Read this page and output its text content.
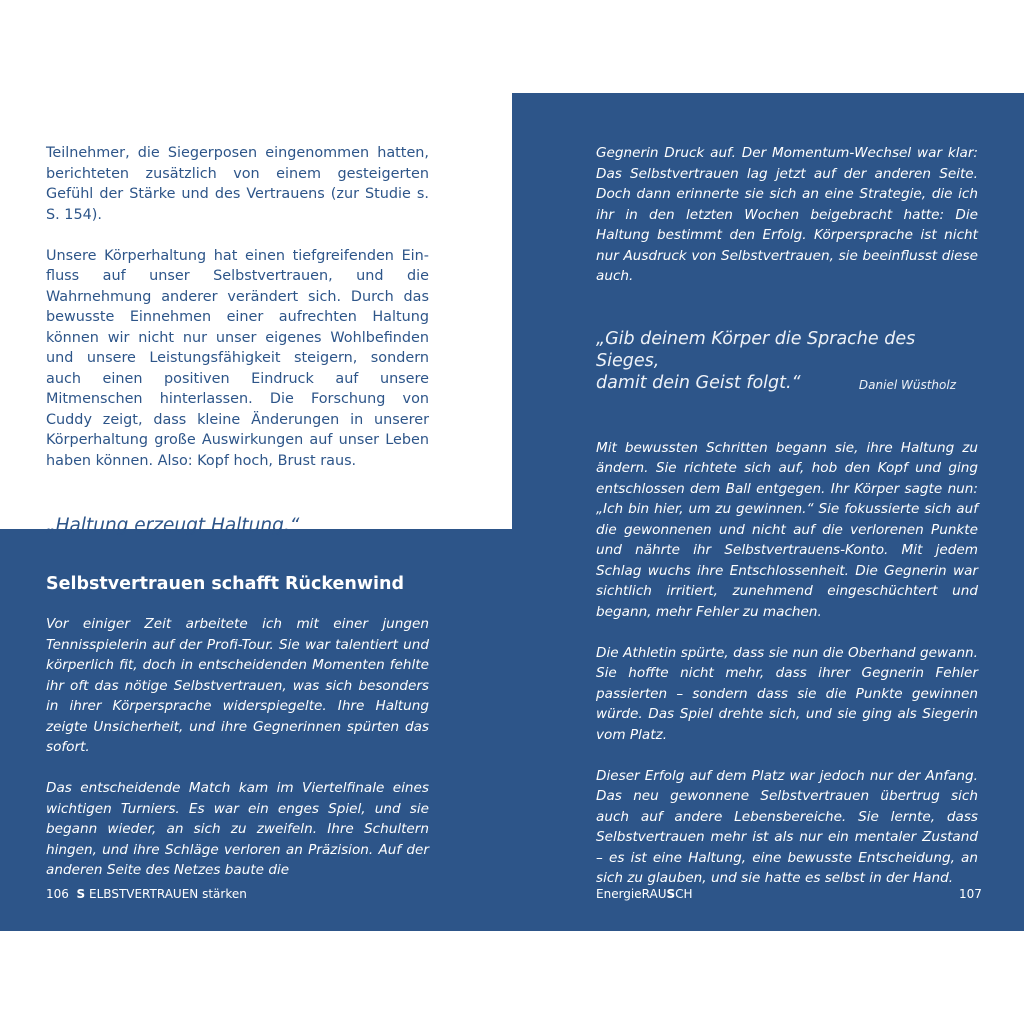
Teilnehmer, die Siegerposen eingenommen hatten, berichteten zusätzlich von einem gesteigerten Gefühl der Stärke und des Vertrauens (zur Studie s. S. 154).

Unsere Körperhaltung hat einen tiefgreifenden Einfluss auf unser Selbstvertrauen, und die Wahrnehmung anderer verändert sich. Durch das bewusste Einnehmen einer aufrechten Haltung können wir nicht nur unser eigenes Wohlbefinden und unsere Leistungsfähigkeit steigern, sondern auch einen positiven Eindruck auf unsere Mitmenschen hinterlassen. Die Forschung von Cuddy zeigt, dass kleine Änderungen in unserer Körperhaltung große Auswirkungen auf unser Leben haben können. Also: Kopf hoch, Brust raus.

„Haltung erzeugt Haltung.“
Selbstvertrauen schafft Rückenwind

Vor einiger Zeit arbeitete ich mit einer jungen Tennisspielerin auf der Profi-Tour. Sie war talentiert und körperlich fit, doch in entscheidenden Momenten fehlte ihr oft das nötige Selbstvertrauen, was sich besonders in ihrer Körpersprache widerspiegelte. Ihre Haltung zeigte Unsicherheit, und ihre Gegnerinnen spürten das sofort.

Das entscheidende Match kam im Viertelfinale eines wichtigen Turniers. Es war ein enges Spiel, und sie begann wieder, an sich zu zweifeln. Ihre Schultern hingen, und ihre Schläge verloren an Präzision. Auf der anderen Seite des Netzes baute die

Gegnerin Druck auf. Der Momentum-Wechsel war klar: Das Selbstvertrauen lag jetzt auf der anderen Seite. Doch dann erinnerte sie sich an eine Strategie, die ich ihr in den letzten Wochen beigebracht hatte: Die Haltung bestimmt den Erfolg. Körpersprache ist nicht nur Ausdruck von Selbstvertrauen, sie beeinflusst diese auch.

„Gib deinem Körper die Sprache des Sieges,
damit dein Geist folgt.“	Daniel Wüstholz

Mit bewussten Schritten begann sie, ihre Haltung zu ändern. Sie richtete sich auf, hob den Kopf und ging entschlossen dem Ball entgegen. Ihr Körper sagte nun: „Ich bin hier, um zu gewinnen.“ Sie fokussierte sich auf die gewonnenen und nicht auf die verlorenen Punkte und nährte ihr Selbstvertrauens-Konto. Mit jedem Schlag wuchs ihre Entschlossenheit. Die Gegnerin war sichtlich irritiert, zunehmend eingeschüchtert und begann, mehr Fehler zu machen.

Die Athletin spürte, dass sie nun die Oberhand gewann. Sie hoffte nicht mehr, dass ihrer Gegnerin Fehler passierten – sondern dass sie die Punkte gewinnen würde. Das Spiel drehte sich, und sie ging als Siegerin vom Platz.

Dieser Erfolg auf dem Platz war jedoch nur der Anfang. Das neu gewonnene Selbstvertrauen übertrug sich auch auf andere Lebensbereiche. Sie lernte, dass Selbstvertrauen mehr ist als nur ein mentaler Zustand – es ist eine Haltung, eine bewusste Entscheidung, an sich zu glauben, und sie hatte es selbst in der Hand.

106 S ELBSTVERTRAUEN stärken	EnergieRAUSCH	107
